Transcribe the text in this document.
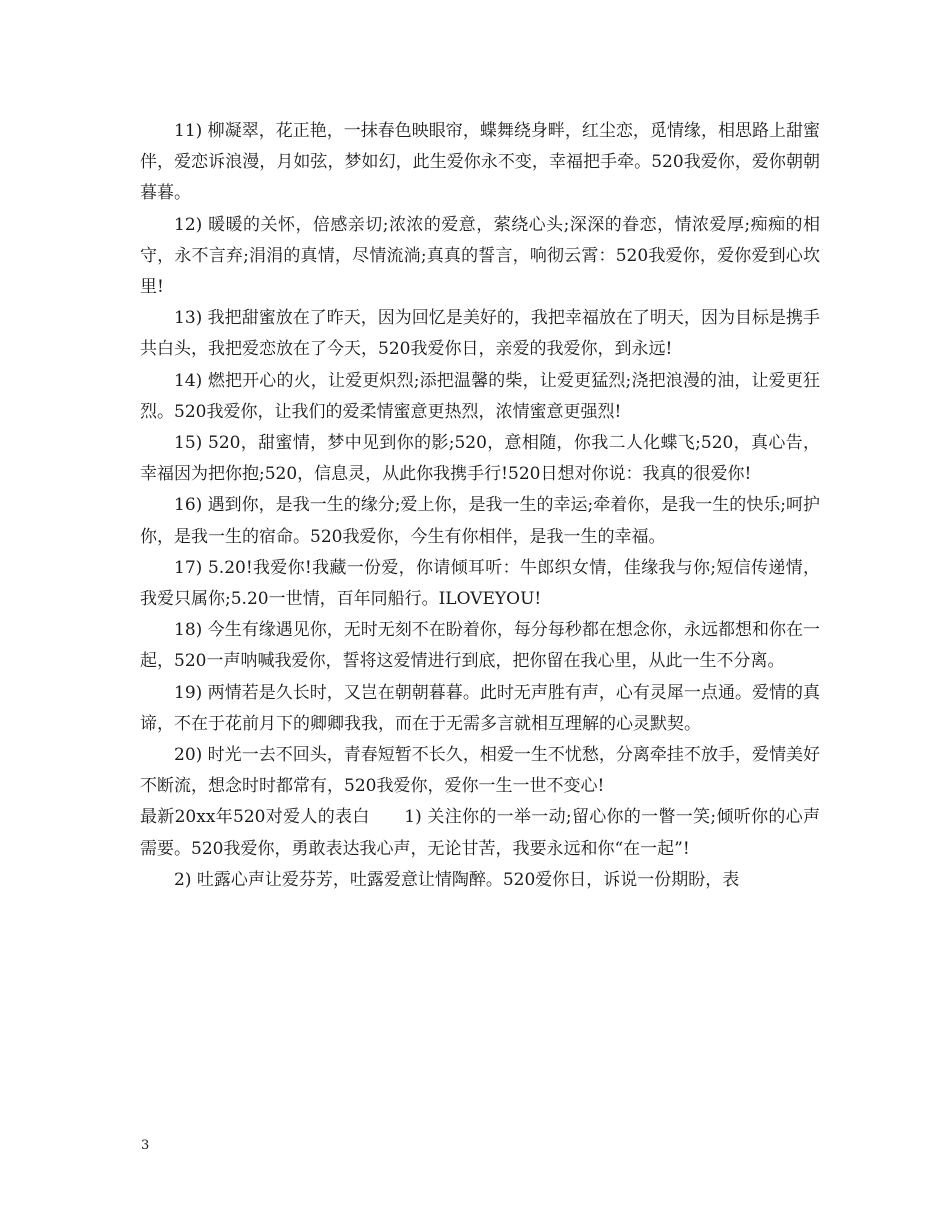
11) 柳凝翠，花正艳，一抹春色映眼帘，蝶舞绕身畔，红尘恋，觅情缘，相思路上甜蜜伴，爱恋诉浪漫，月如弦，梦如幻，此生爱你永不变，幸福把手牵。520我爱你，爱你朝朝暮暮。

12) 暖暖的关怀，倍感亲切;浓浓的爱意，萦绕心头;深深的眷恋，情浓爱厚;痴痴的相守，永不言弃;涓涓的真情，尽情流淌;真真的誓言，响彻云霄：520我爱你，爱你爱到心坎里!

13) 我把甜蜜放在了昨天，因为回忆是美好的，我把幸福放在了明天，因为目标是携手共白头，我把爱恋放在了今天，520我爱你日，亲爱的我爱你，到永远!

14) 燃把开心的火，让爱更炽烈;添把温馨的柴，让爱更猛烈;浇把浪漫的油，让爱更狂烈。520我爱你，让我们的爱柔情蜜意更热烈，浓情蜜意更强烈!

15) 520，甜蜜情，梦中见到你的影;520，意相随，你我二人化蝶飞;520，真心告，幸福因为把你抱;520，信息灵，从此你我携手行!520日想对你说：我真的很爱你!

16) 遇到你，是我一生的缘分;爱上你，是我一生的幸运;牵着你，是我一生的快乐;呵护你，是我一生的宿命。520我爱你，今生有你相伴，是我一生的幸福。

17) 5.20!我爱你!我藏一份爱，你请倾耳听：牛郎织女情，佳缘我与你;短信传递情，我爱只属你;5.20一世情，百年同船行。ILOVEYOU!

18) 今生有缘遇见你，无时无刻不在盼着你，每分每秒都在想念你，永远都想和你在一起，520一声呐喊我爱你，誓将这爱情进行到底，把你留在我心里，从此一生不分离。

19) 两情若是久长时，又岂在朝朝暮暮。此时无声胜有声，心有灵犀一点通。爱情的真谛，不在于花前月下的卿卿我我，而在于无需多言就相互理解的心灵默契。

20) 时光一去不回头，青春短暂不长久，相爱一生不忧愁，分离牵挂不放手，爱情美好不断流，想念时时都常有，520我爱你，爱你一生一世不变心!

最新20xx年520对爱人的表白　　1) 关注你的一举一动;留心你的一瞥一笑;倾听你的心声需要。520我爱你，勇敢表达我心声，无论甘苦，我要永远和你“在一起”!

2) 吐露心声让爱芬芳，吐露爱意让情陶醉。520爱你日，诉说一份期盼，表

3
